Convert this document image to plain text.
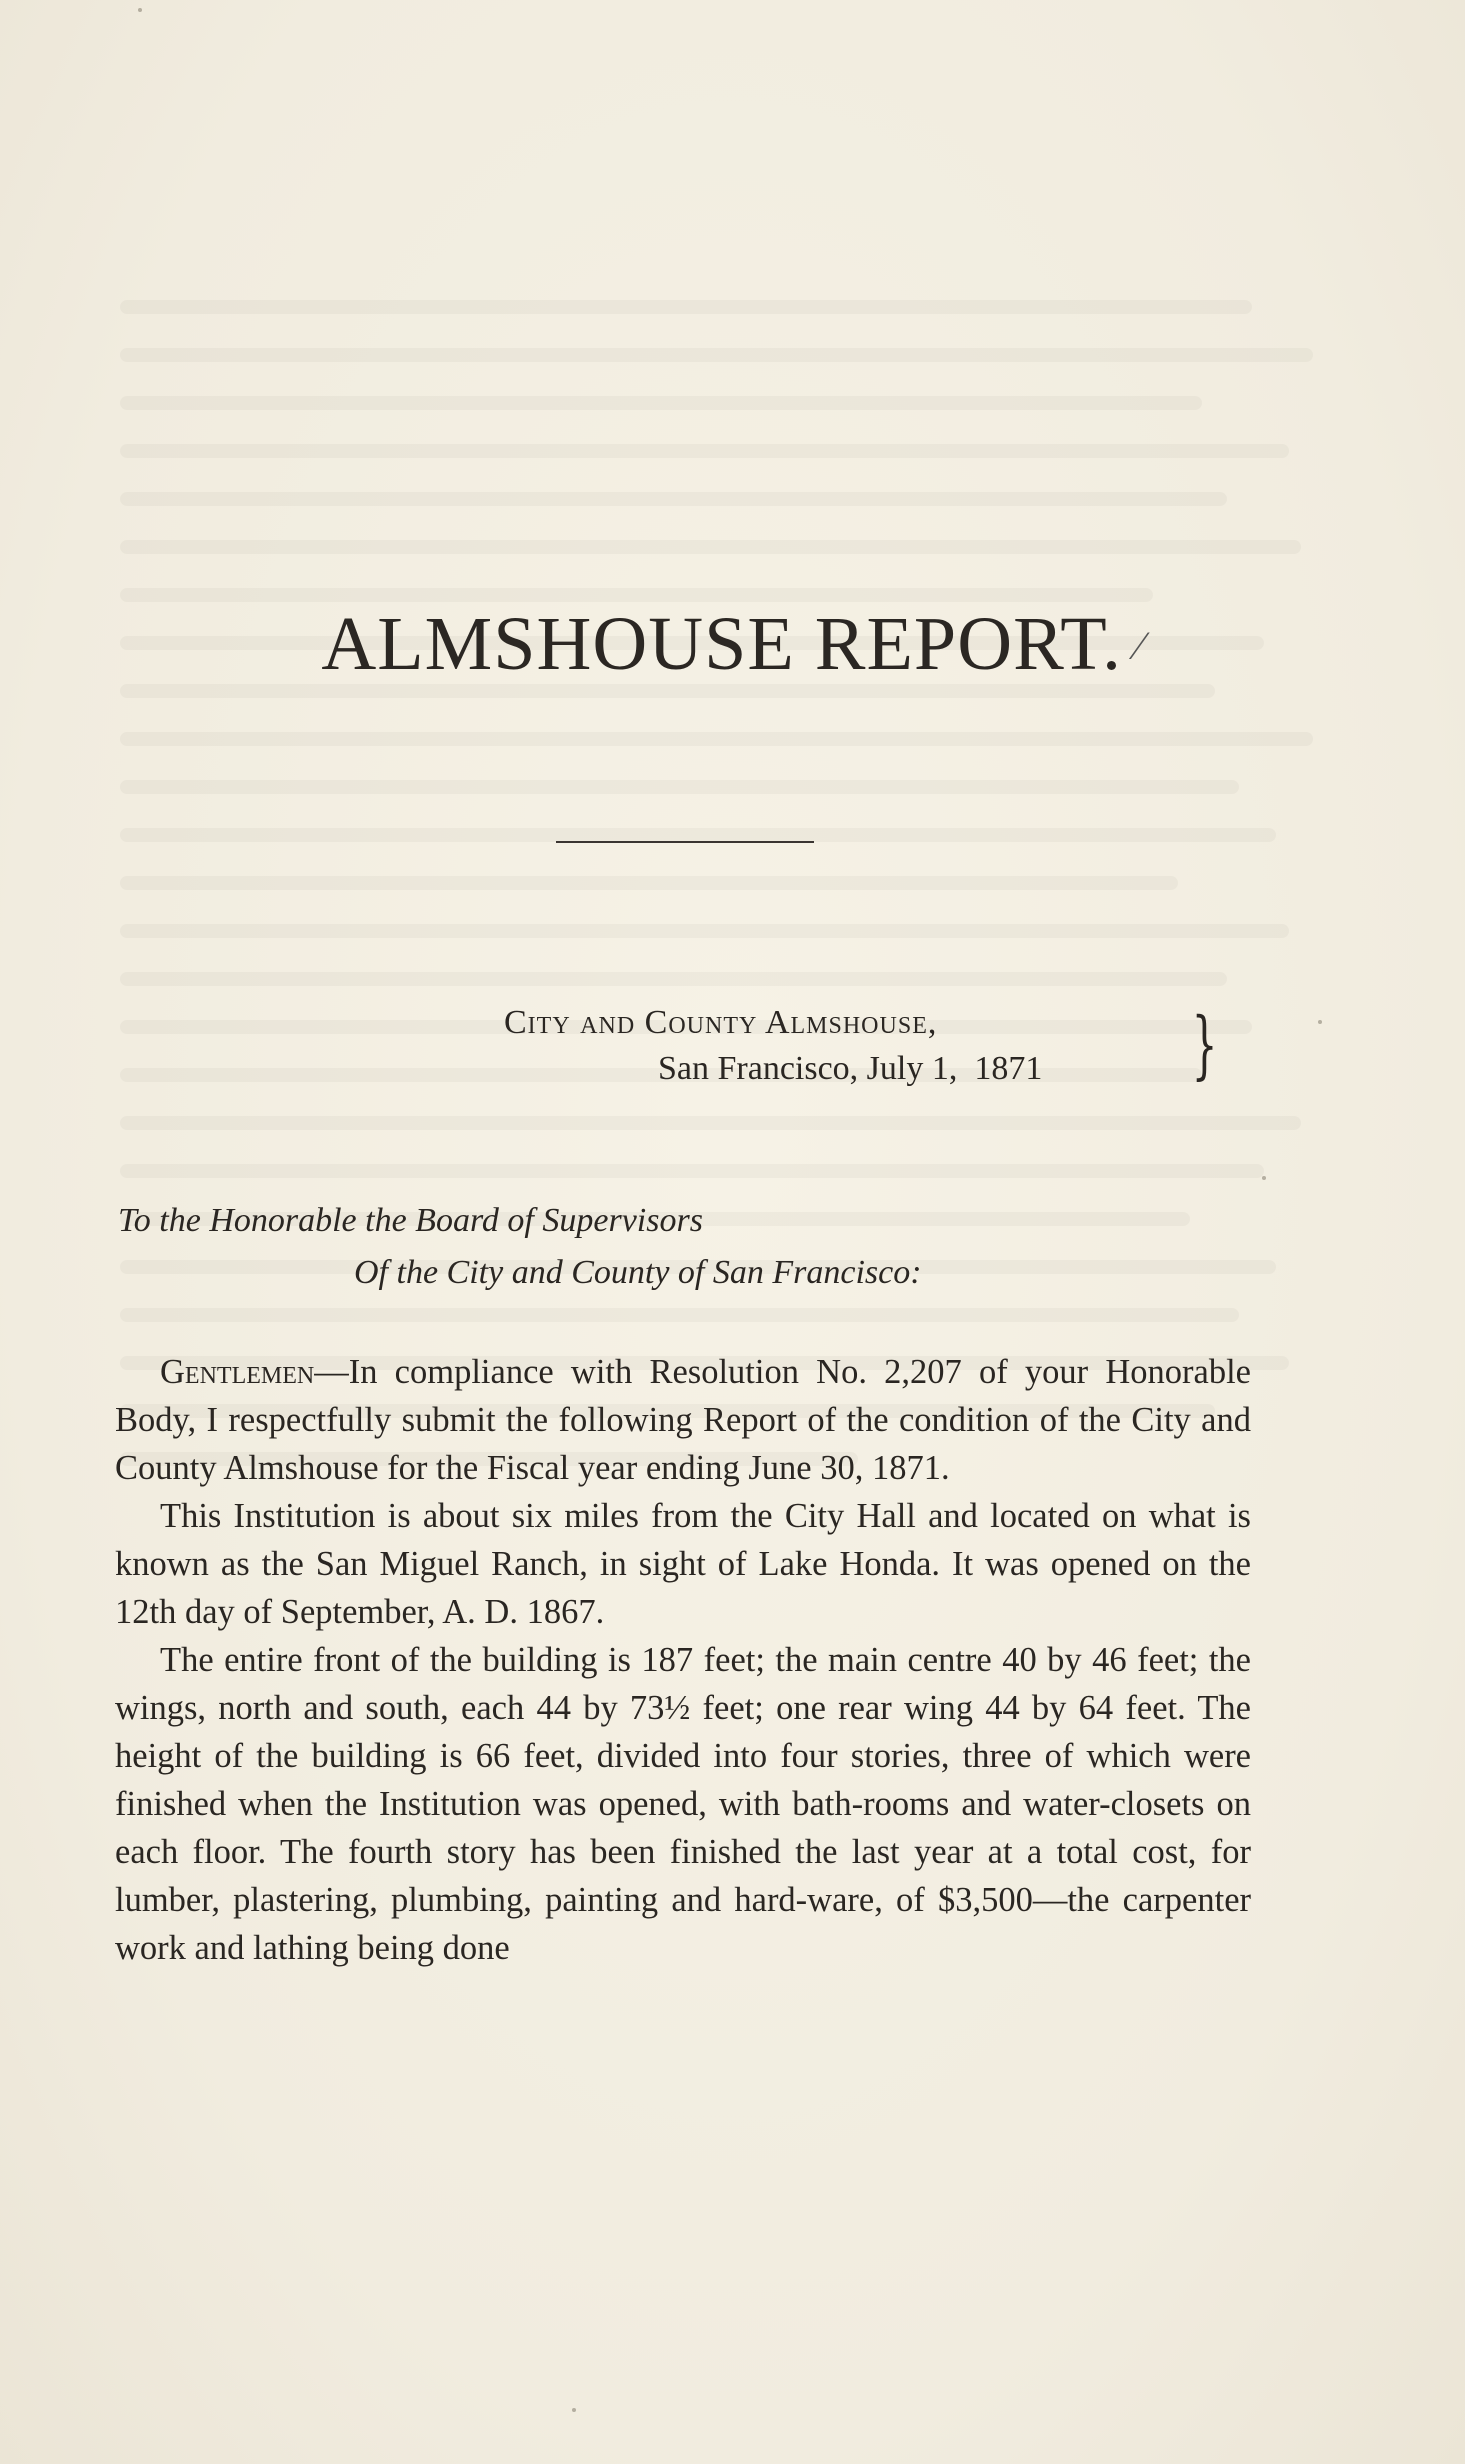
ALMSHOUSE REPORT. ⁄
City and County Almshouse,
San Francisco, July 1,  1871 }
To the Honorable the Board of Supervisors
Of the City and County of San Francisco:

Gentlemen—In compliance with Resolution No. 2,207 of your Honorable Body, I respectfully submit the following Report of the condition of the City and County Almshouse for the Fiscal year ending June 30, 1871.

This Institution is about six miles from the City Hall and located on what is known as the San Miguel Ranch, in sight of Lake Honda. It was opened on the 12th day of September, A. D. 1867.

The entire front of the building is 187 feet; the main centre 40 by 46 feet; the wings, north and south, each 44 by 73½ feet; one rear wing 44 by 64 feet. The height of the building is 66 feet, divided into four stories, three of which were finished when the Institution was opened, with bath-rooms and water-closets on each floor. The fourth story has been finished the last year at a total cost, for lumber, plastering, plumbing, painting and hard-ware, of $3,500—the carpenter work and lathing being done
